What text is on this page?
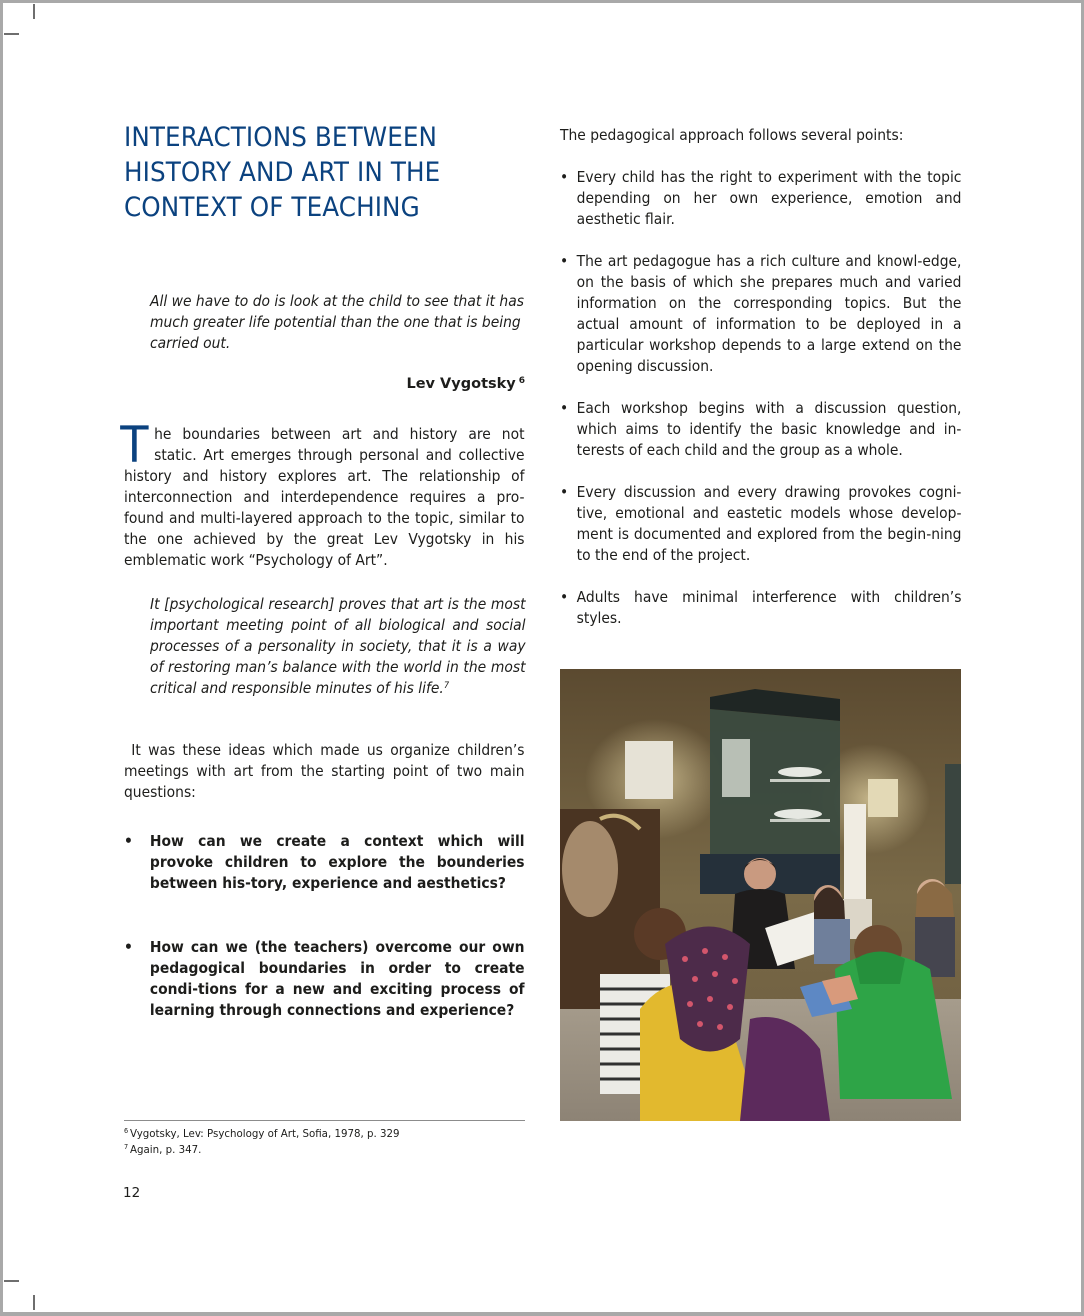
INTERACTIONS BETWEEN
HISTORY AND ART IN THE
CONTEXT OF TEACHING

All we have to do is look at the child to see that it has much greater life potential than the one that is being carried out.

Lev Vygotsky $^6$
The boundaries between art and history are not static. Art emerges through personal and collective history and history explores art. The relationship of interconnection and interdependence requires a pro-found and multi-layered approach to the topic, similar to the one achieved by the great Lev Vygotsky in his emblematic work “Psychology of Art”.
It [psychological research] proves that art is the most important meeting point of all biological and social processes of a personality in society, that it is a way of restoring man’s balance with the world in the most critical and responsible minutes of his life.$^7$
It was these ideas which made us organize children’s meetings with art from the starting point of two main questions:
• How can we create a context which will provoke children to explore the bounderies between his-tory, experience and aesthetics?
• How can we (the teachers) overcome our own pedagogical boundaries in order to create condi-tions for a new and exciting process of learning through connections and experience?
$^6$ Vygotsky, Lev: Psychology of Art, Sofia, 1978, p. 329
$^7$ Again, p. 347.
12
The pedagogical approach follows several points:
• Every child has the right to experiment with the topic depending on her own experience, emotion and aesthetic flair.
• The art pedagogue has a rich culture and knowl-edge, on the basis of which she prepares much and varied information on the corresponding topics. But the actual amount of information to be deployed in a particular workshop depends to a large extend on the opening discussion.
• Each workshop begins with a discussion question, which aims to identify the basic knowledge and in-terests of each child and the group as a whole.
• Every discussion and every drawing provokes cogni-tive, emotional and eastetic models whose develop-ment is documented and explored from the begin-ning to the end of the project.
• Adults have minimal interference with children’s styles.
